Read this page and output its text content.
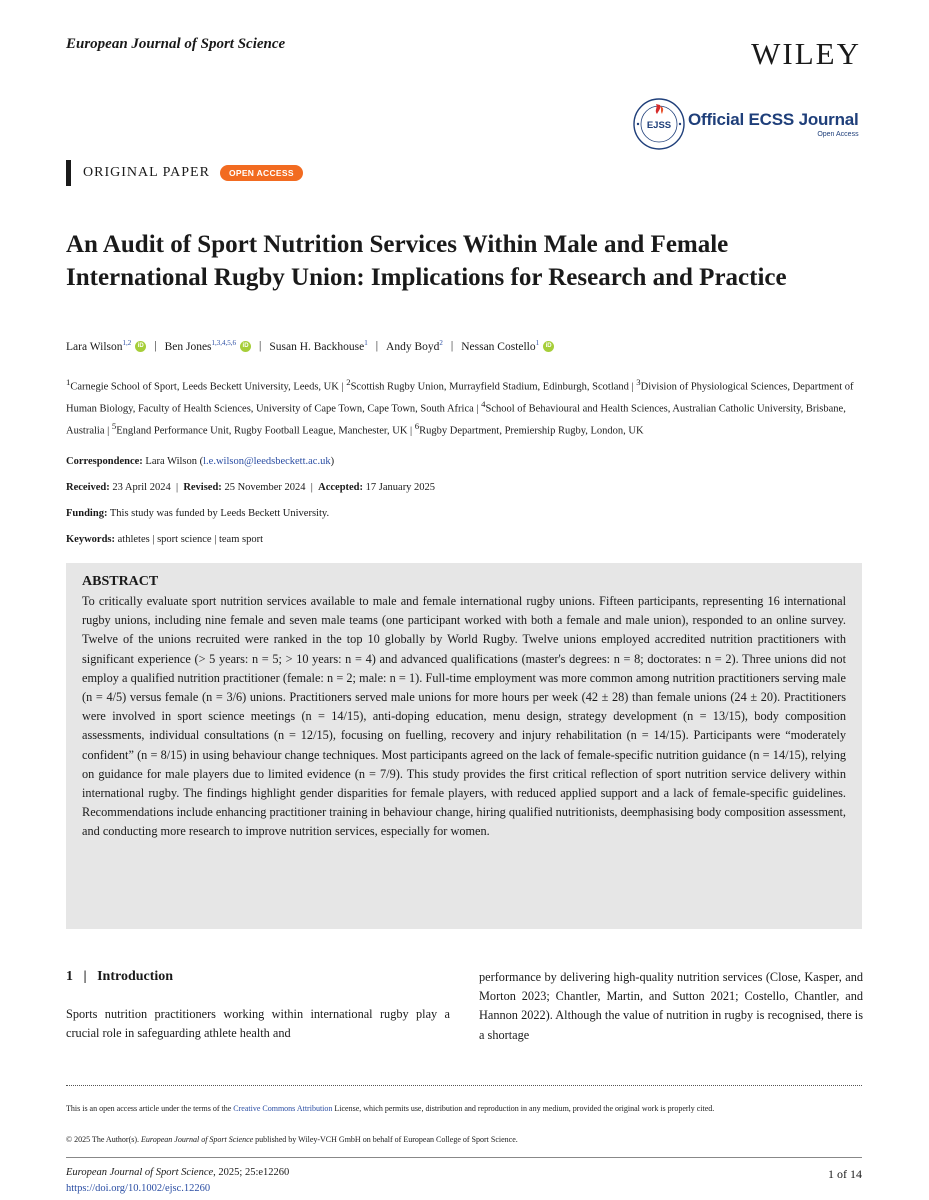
European Journal of Sport Science	WILEY
EJSS Official ECSS Journal
Open Access
ORIGINAL PAPER	OPEN ACCESS
An Audit of Sport Nutrition Services Within Male and Female International Rugby Union: Implications for Research and Practice
Lara Wilson$^{1,2}$	iD | Ben Jones$^{1,3,4,5,6}$	iD | Susan H. Backhouse$^1$ | Andy Boyd$^2$ | Nessan Costello$^1$	iD
$^1$Carnegie School of Sport, Leeds Beckett University, Leeds, UK | $^2$Scottish Rugby Union, Murrayfield Stadium, Edinburgh, Scotland | $^3$Division of Physiological Sciences, Department of Human Biology, Faculty of Health Sciences, University of Cape Town, Cape Town, South Africa | $^4$School of Behavioural and Health Sciences, Australian Catholic University, Brisbane, Australia | $^5$England Performance Unit, Rugby Football League, Manchester, UK | $^6$Rugby Department, Premiership Rugby, London, UK
Correspondence: Lara Wilson (l.e.wilson@leedsbeckett.ac.uk)
Received: 23 April 2024  |  Revised: 25 November 2024  |  Accepted: 17 January 2025
Funding: This study was funded by Leeds Beckett University.
Keywords: athletes | sport science | team sport

ABSTRACT

To critically evaluate sport nutrition services available to male and female international rugby unions. Fifteen participants, representing 16 international rugby unions, including nine female and seven male teams (one participant worked with both a female and male union), responded to an online survey. Twelve of the unions recruited were ranked in the top 10 globally by World Rugby. Twelve unions employed accredited nutrition practitioners with significant experience (> 5 years: n = 5; > 10 years: n = 4) and advanced qualifications (master's degrees: n = 8; doctorates: n = 2). Three unions did not employ a qualified nutrition practitioner (female: n = 2; male: n = 1). Full-time employment was more common among nutrition practitioners serving male (n = 4/5) versus female (n = 3/6) unions. Practitioners served male unions for more hours per week (42 ± 28) than female unions (24 ± 20). Practitioners were involved in sport science meetings (n = 14/15), anti-doping education, menu design, strategy development (n = 13/15), body composition assessments, individual consultations (n = 12/15), focusing on fuelling, recovery and injury rehabilitation (n = 14/15). Participants were “moderately confident” (n = 8/15) in using behaviour change techniques. Most participants agreed on the lack of female-specific nutrition guidance (n = 14/15), relying on guidance for male players due to limited evidence (n = 7/9). This study provides the first critical reflection of sport nutrition service delivery within international rugby. The findings highlight gender disparities for female players, with reduced applied support and a lack of female-specific guidelines. Recommendations include enhancing practitioner training in behaviour change, hiring qualified nutritionists, deemphasising body composition assessment, and conducting more research to improve nutrition services, especially for women.

1 | Introduction

Sports nutrition practitioners working within international rugby play a crucial role in safeguarding athlete health and

performance by delivering high-quality nutrition services (Close, Kasper, and Morton 2023; Chantler, Martin, and Sutton 2021; Costello, Chantler, and Hannon 2022). Although the value of nutrition in rugby is recognised, there is a shortage

This is an open access article under the terms of the Creative Commons Attribution License, which permits use, distribution and reproduction in any medium, provided the original work is properly cited.
© 2025 The Author(s). European Journal of Sport Science published by Wiley-VCH GmbH on behalf of European College of Sport Science.
European Journal of Sport Science, 2025; 25:e12260
https://doi.org/10.1002/ejsc.12260
1 of 14
